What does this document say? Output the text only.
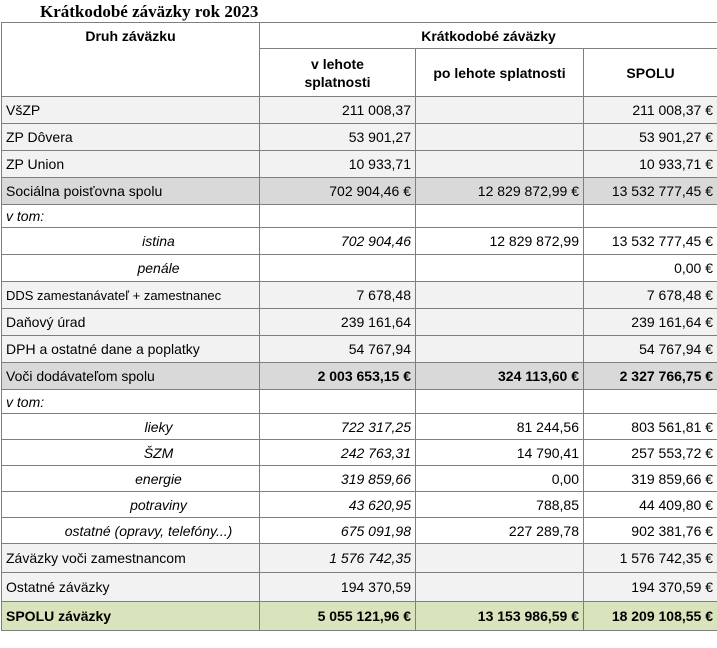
Krátkodobé záväzky rok 2023
Druh záväzku	Krátkodobé záväzky		
	v lehote splatnosti	po lehote splatnosti	SPOLU
VšZP	211 008,37		211 008,37 €
ZP Dôvera	53 901,27		53 901,27 €
ZP Union	10 933,71		10 933,71 €
Sociálna poisťovna spolu	702 904,46 €	12 829 872,99 €	13 532 777,45 €
v tom:			
istina	702 904,46	12 829 872,99	13 532 777,45 €
penále			0,00 €
DDS zamestanávateľ + zamestnanec	7 678,48		7 678,48 €
Daňový úrad	239 161,64		239 161,64 €
DPH a ostatné dane a poplatky	54 767,94		54 767,94 €
Voči dodávateľom spolu	2 003 653,15 €	324 113,60 €	2 327 766,75 €
v tom:			
lieky	722 317,25	81 244,56	803 561,81 €
ŠZM	242 763,31	14 790,41	257 553,72 €
energie	319 859,66	0,00	319 859,66 €
potraviny	43 620,95	788,85	44 409,80 €
ostatné (opravy, telefóny...)	675 091,98	227 289,78	902 381,76 €
Záväzky voči zamestnancom	1 576 742,35		1 576 742,35 €
Ostatné záväzky	194 370,59		194 370,59 €
SPOLU záväzky	5 055 121,96 €	13 153 986,59 €	18 209 108,55 €
